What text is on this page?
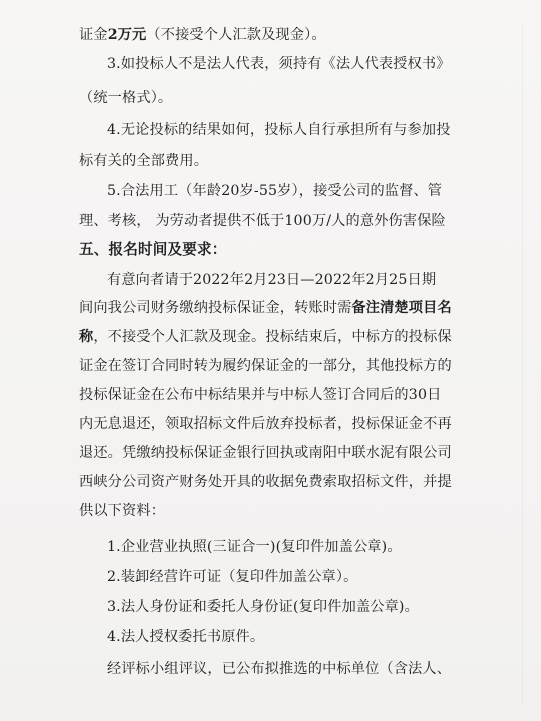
证金2万元（不接受个人汇款及现金）。
3.如投标人不是法人代表，须持有《法人代表授权书》
（统一格式）。
4.无论投标的结果如何，投标人自行承担所有与参加投
标有关的全部费用。
5.合法用工（年龄20岁-55岁），接受公司的监督、管
理、考核， 为劳动者提供不低于100万/人的意外伤害保险
五、报名时间及要求：
有意向者请于2022年2月23日—2022年2月25日期
间向我公司财务缴纳投标保证金，转账时需备注清楚项目名
称，不接受个人汇款及现金。投标结束后，中标方的投标保
证金在签订合同时转为履约保证金的一部分，其他投标方的
投标保证金在公布中标结果并与中标人签订合同后的30日
内无息退还，领取招标文件后放弃投标者，投标保证金不再
退还。凭缴纳投标保证金银行回执或南阳中联水泥有限公司
西峡分公司资产财务处开具的收据免费索取招标文件，并提
供以下资料：
1.企业营业执照(三证合一)(复印件加盖公章)。
2.装卸经营许可证（复印件加盖公章）。
3.法人身份证和委托人身份证(复印件加盖公章)。
4.法人授权委托书原件。
经评标小组评议，已公布拟推选的中标单位（含法人、
